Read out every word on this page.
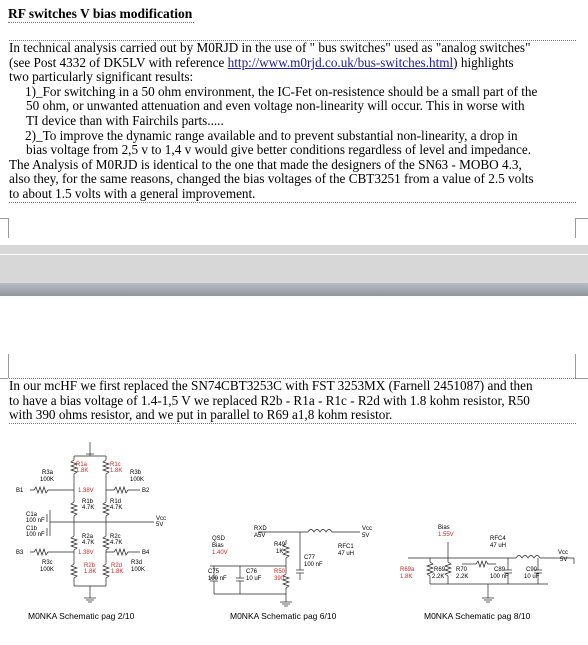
RF switches V bias modification

In technical analysis carried out by M0RJD in the use of " bus switches" used as "analog switches"

(see Post 4332 of DK5LV with reference http://www.m0rjd.co.uk/bus-switches.html) highlights

two particularly significant results:

1)_For switching in a 50 ohm environment, the IC-Fet on-resistence should be a small part of the

50 ohm, or unwanted attenuation and even voltage non-linearity will occur. This in worse with

TI device than with Fairchils parts.....

2)_To improve the dynamic range available and to prevent substantial non-linearity, a drop in

bias voltage from 2,5 v to 1,4 v would give better conditions regardless of level and impedance.

The Analysis of M0RJD is identical to the one that made the designers of the SN63 - MOBO 4.3,

also they, for the same reasons, changed the bias voltages of the CBT3251 from a value of 2.5 volts

to about 1.5 volts with a general improvement.

In our mcHF we first replaced the SN74CBT3253C with FST 3253MX (Farnell 2451087) and then

to have a bias voltage of 1.4-1,5 V we replaced R2b - R1a - R1c - R2d with 1.8 kohm resistor, R50

with 390 ohms resistor, and we put in parallel to R69 a1,8 kohm resistor.

R1a
1.8K
R1c
1.8K
R3a
100K
R3b
100K
B1	B2
1.38V
R1b
4.7K
R1d
4.7K
C1a
100 nF
C1b
100 nF
Vcc
5V
R2a
4.7K
R2c
4.7K
B3	B4
1.38V
R3c
100K
R2b
1.8K
R2d
1.8K
R3d
100K
RXD
A5V
QSD
Bias
1.40V
R49
1K
C77
100 nF
RFC1
47 uH
Vcc
5V
C75
100 nF
C76
10 uF
R50
390
Bias
1.55V
RFC4
47 uH
Vcc
5V
R69a
1.8K
R69
2.2K
R70
2.2K
C89
100 nF
C90
10 uF
M0NKA Schematic pag 2/10	M0NKA Schematic pag 6/10	M0NKA Schematic pag 8/10
